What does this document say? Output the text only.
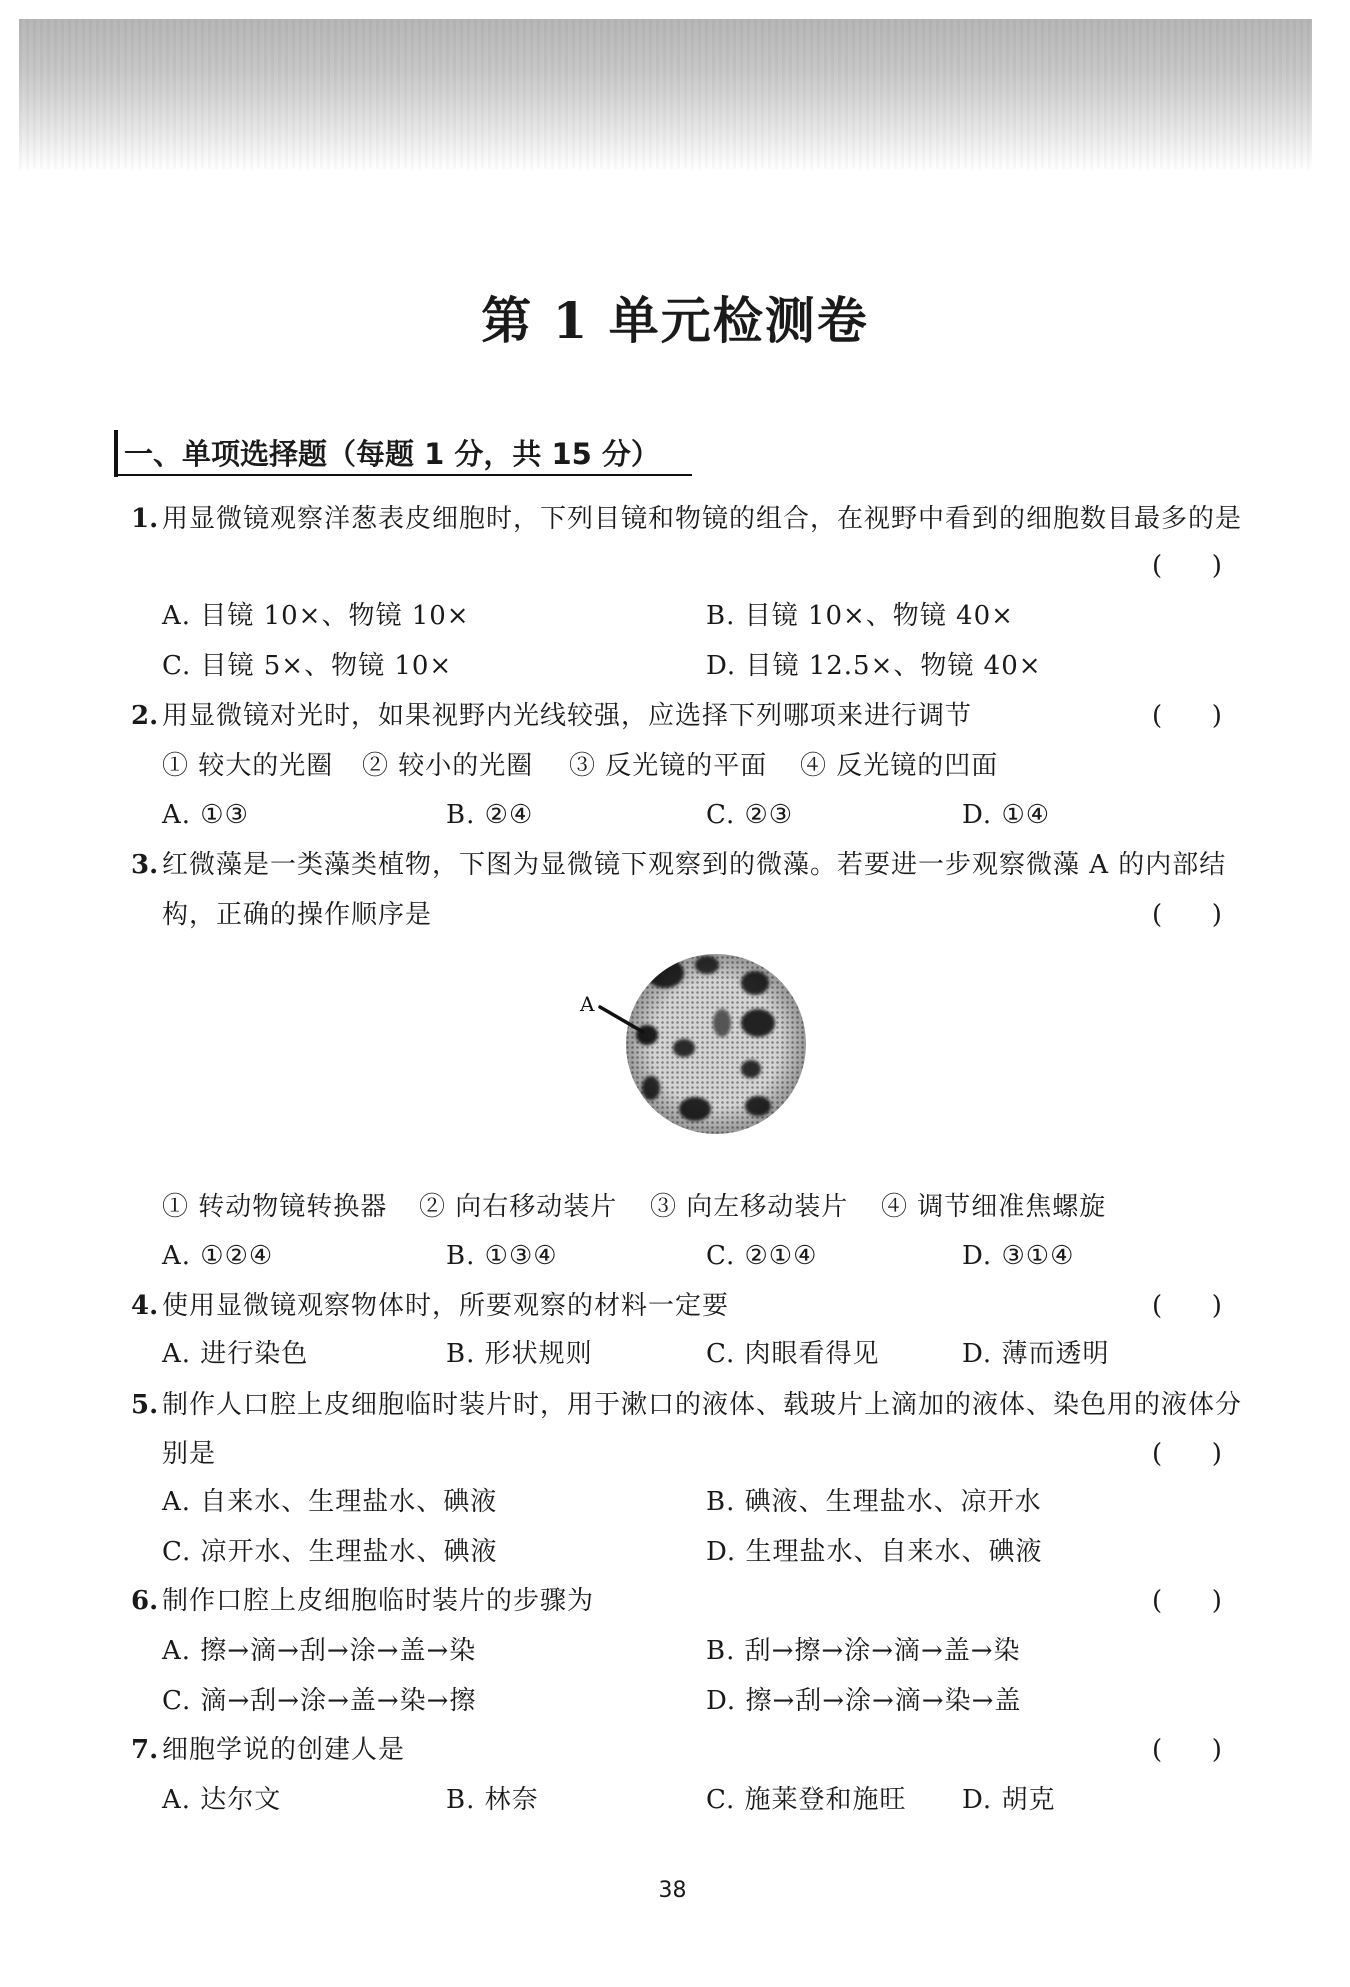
第 1 单元检测卷
一、单项选择题（每题 1 分，共 15 分）
1. 用显微镜观察洋葱表皮细胞时，下列目镜和物镜的组合，在视野中看到的细胞数目最多的是
(      )
A. 目镜 10×、物镜 10×	B. 目镜 10×、物镜 40×
C. 目镜 5×、物镜 10×	D. 目镜 12.5×、物镜 40×
2. 用显微镜对光时，如果视野内光线较强，应选择下列哪项来进行调节	(      )
① 较大的光圈 ② 较小的光圈 ③ 反光镜的平面 ④ 反光镜的凹面
A. ①③	B. ②④	C. ②③	D. ①④
3. 红微藻是一类藻类植物，下图为显微镜下观察到的微藻。若要进一步观察微藻 A 的内部结
构，正确的操作顺序是	(      )
A
① 转动物镜转换器 ② 向右移动装片 ③ 向左移动装片 ④ 调节细准焦螺旋
A. ①②④	B. ①③④	C. ②①④	D. ③①④
4. 使用显微镜观察物体时，所要观察的材料一定要	(      )
A. 进行染色	B. 形状规则	C. 肉眼看得见	D. 薄而透明
5. 制作人口腔上皮细胞临时装片时，用于漱口的液体、载玻片上滴加的液体、染色用的液体分
别是	(      )
A. 自来水、生理盐水、碘液	B. 碘液、生理盐水、凉开水
C. 凉开水、生理盐水、碘液	D. 生理盐水、自来水、碘液
6. 制作口腔上皮细胞临时装片的步骤为	(      )
A. 擦→滴→刮→涂→盖→染	B. 刮→擦→涂→滴→盖→染
C. 滴→刮→涂→盖→染→擦	D. 擦→刮→涂→滴→染→盖
7. 细胞学说的创建人是	(      )
A. 达尔文	B. 林奈	C. 施莱登和施旺 D. 胡克
38
